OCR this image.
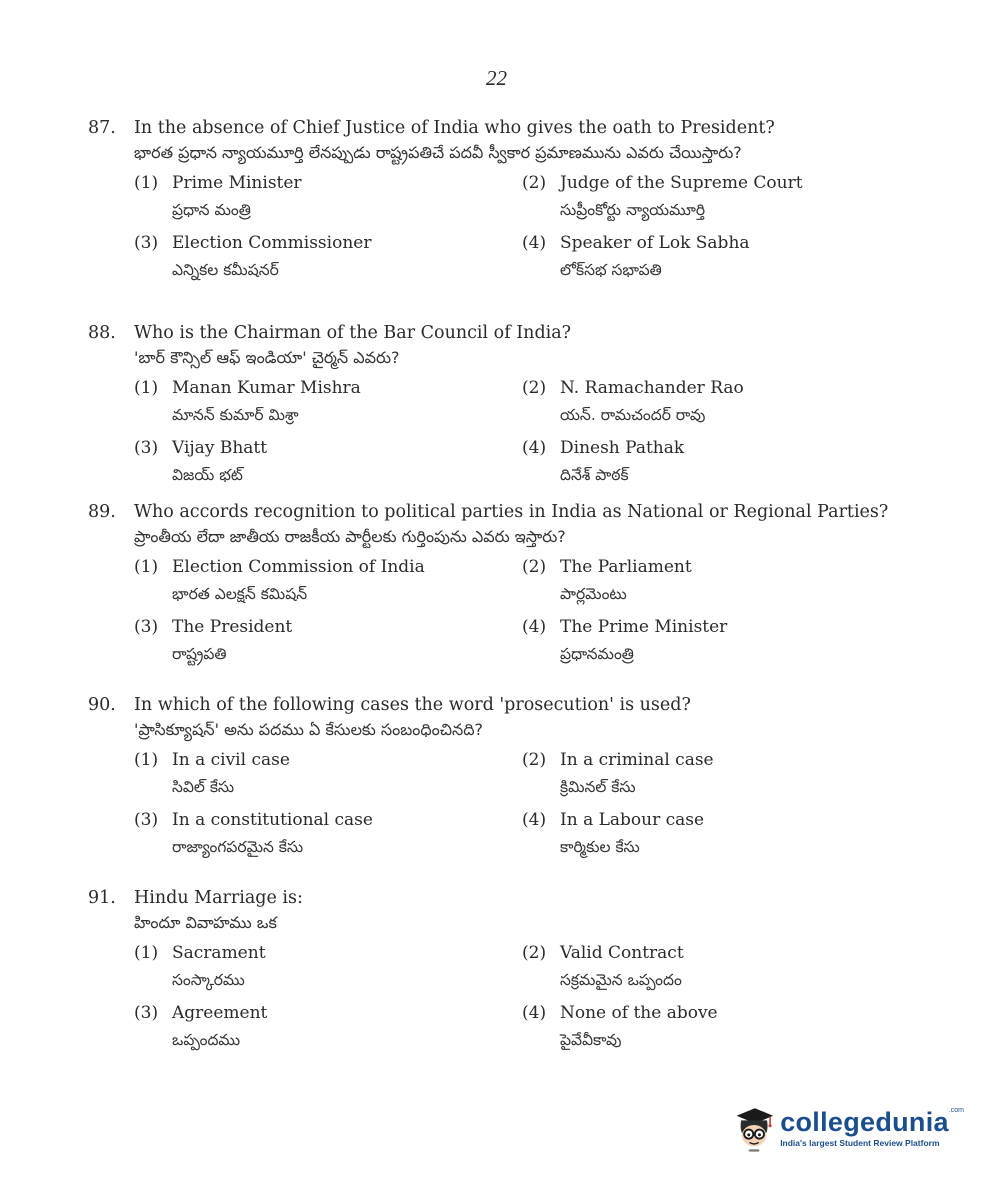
22
87.	In the absence of Chief Justice of India who gives the oath to President?
భారత ప్రధాన న్యాయమూర్తి లేనప్పుడు రాష్ట్రపతిచే పదవీ స్వీకార ప్రమాణమును ఎవరు చేయిస్తారు?
(1) Prime Minister
ప్రధాన మంత్రి
(2) Judge of the Supreme Court
సుప్రీంకోర్టు న్యాయమూర్తి
(3) Election Commissioner
ఎన్నికల కమీషనర్
(4) Speaker of Lok Sabha
లోక్‌సభ సభాపతి
88.	Who is the Chairman of the Bar Council of India?
'బార్ కౌన్సిల్ ఆఫ్ ఇండియా' చైర్మన్ ఎవరు?
(1) Manan Kumar Mishra
మానన్ కుమార్ మిశ్రా
(2) N. Ramachander Rao
యన్. రామచందర్ రావు
(3) Vijay Bhatt
విజయ్ భట్
(4) Dinesh Pathak
దినేశ్ పాఠక్
89.	Who accords recognition to political parties in India as National or Regional Parties?
ప్రాంతీయ లేదా జాతీయ రాజకీయ పార్టీలకు గుర్తింపును ఎవరు ఇస్తారు?
(1) Election Commission of India
భారత ఎలక్షన్ కమిషన్
(2) The Parliament
పార్లమెంటు
(3) The President
రాష్ట్రపతి
(4) The Prime Minister
ప్రధానమంత్రి
90.	In which of the following cases the word 'prosecution' is used?
'ప్రాసిక్యూషన్' అను పదము ఏ కేసులకు సంబంధించినది?
(1) In a civil case
సివిల్ కేసు
(2) In a criminal case
క్రిమినల్ కేసు
(3) In a constitutional case
రాజ్యాంగపరమైన కేసు
(4) In a Labour case
కార్మికుల కేసు
91.	Hindu Marriage is:
హిందూ వివాహము ఒక
(1) Sacrament
సంస్కారము
(2) Valid Contract
సక్రమమైన ఒప్పందం
(3) Agreement
ఒప్పందము
(4) None of the above
పైవేవీకావు
collegedunia$^{.com}$
India's largest Student Review Platform
